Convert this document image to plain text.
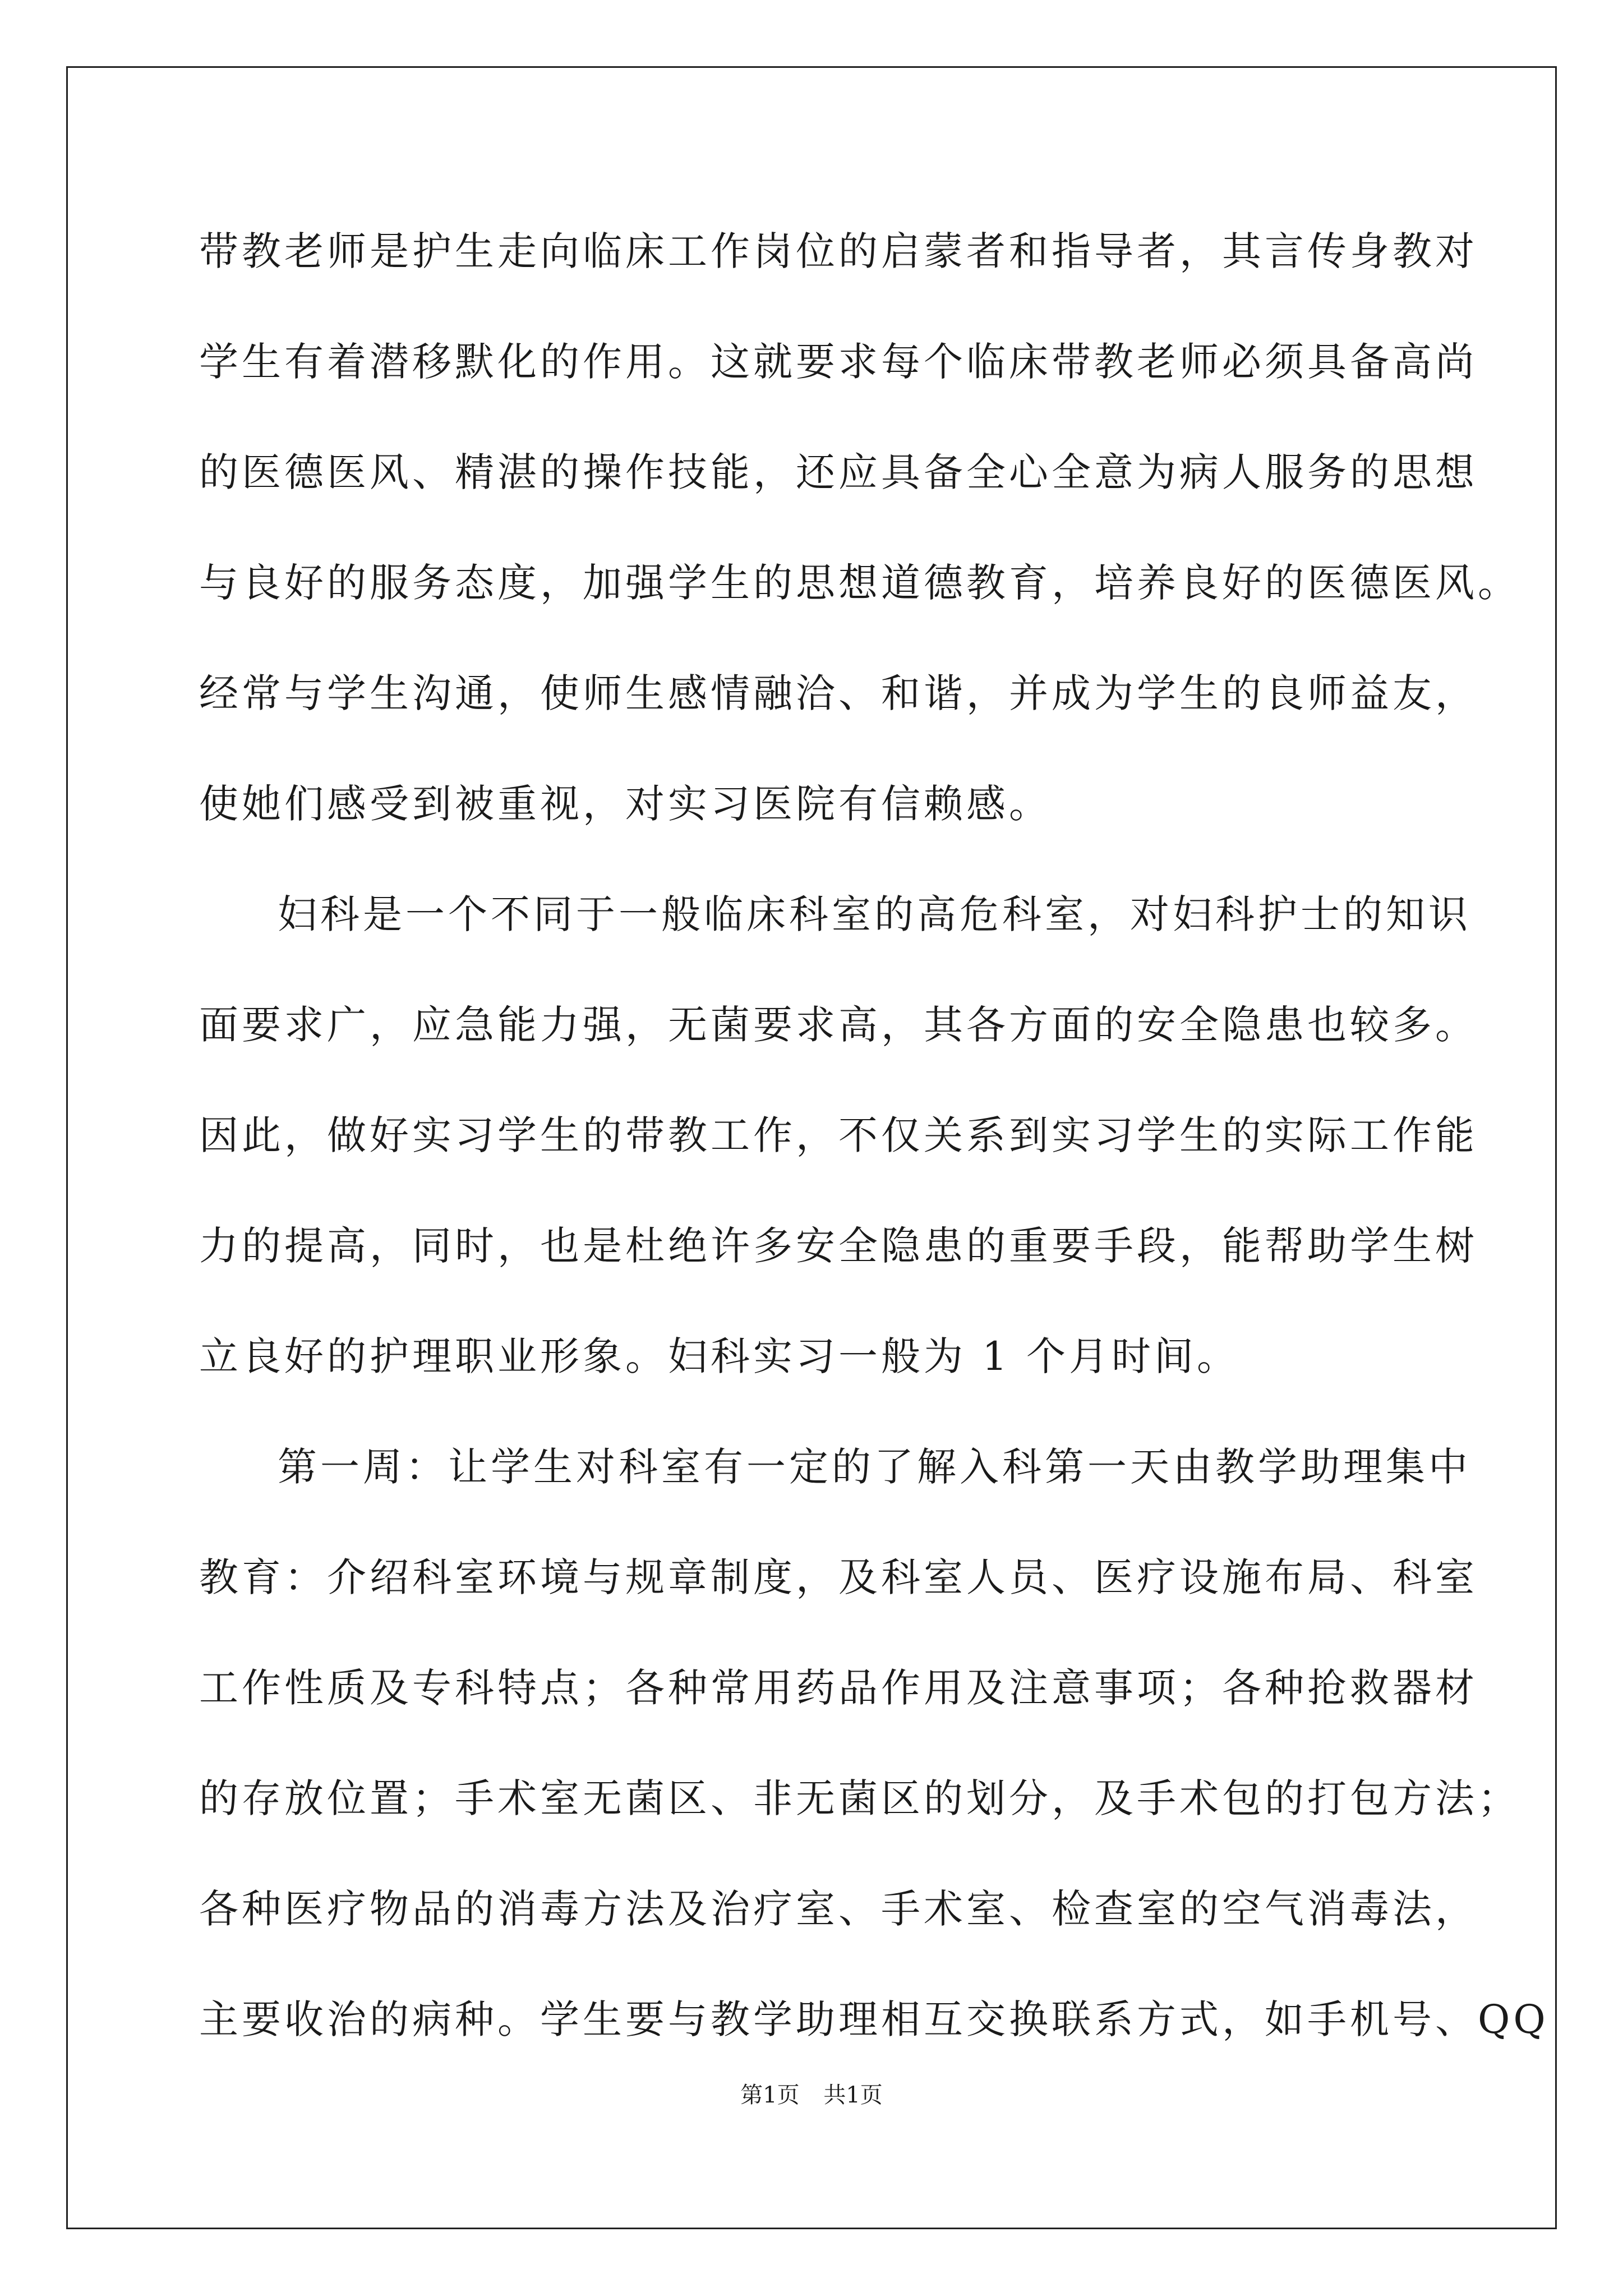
带教老师是护生走向临床工作岗位的启蒙者和指导者，其言传身教对
学生有着潜移默化的作用。这就要求每个临床带教老师必须具备高尚
的医德医风、精湛的操作技能，还应具备全心全意为病人服务的思想
与良好的服务态度，加强学生的思想道德教育，培养良好的医德医风。
经常与学生沟通，使师生感情融洽、和谐，并成为学生的良师益友，
使她们感受到被重视，对实习医院有信赖感。
妇科是一个不同于一般临床科室的高危科室，对妇科护士的知识
面要求广，应急能力强，无菌要求高，其各方面的安全隐患也较多。
因此，做好实习学生的带教工作，不仅关系到实习学生的实际工作能
力的提高，同时，也是杜绝许多安全隐患的重要手段，能帮助学生树
立良好的护理职业形象。妇科实习一般为 1 个月时间。
第一周：让学生对科室有一定的了解入科第一天由教学助理集中
教育：介绍科室环境与规章制度，及科室人员、医疗设施布局、科室
工作性质及专科特点；各种常用药品作用及注意事项；各种抢救器材
的存放位置；手术室无菌区、非无菌区的划分，及手术包的打包方法；
各种医疗物品的消毒方法及治疗室、手术室、检查室的空气消毒法，
主要收治的病种。学生要与教学助理相互交换联系方式，如手机号、QQ
第1页 共1页
